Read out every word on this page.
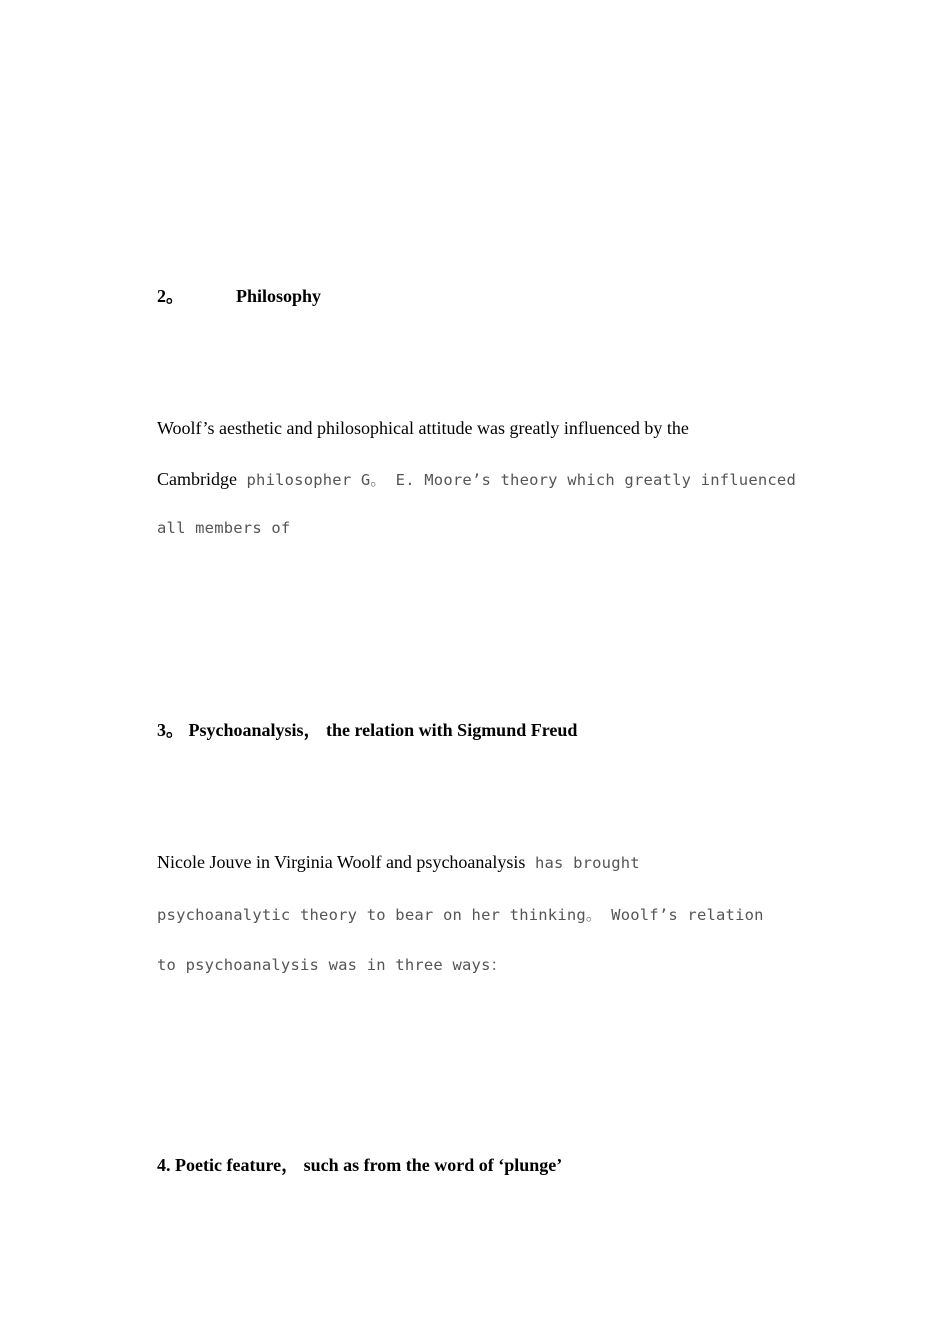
2。	Philosophy
Woolf’s aesthetic and philosophical attitude was greatly influenced by the
Cambridge philosopher G。 E. Moore’s theory which greatly influenced
all members of
3。 Psychoanalysis， the relation with Sigmund Freud
Nicole Jouve in Virginia Woolf and psychoanalysis has brought
psychoanalytic theory to bear on her thinking。 Woolf’s relation
to psychoanalysis was in three ways：
4. Poetic feature， such as from the word of ‘plunge’
